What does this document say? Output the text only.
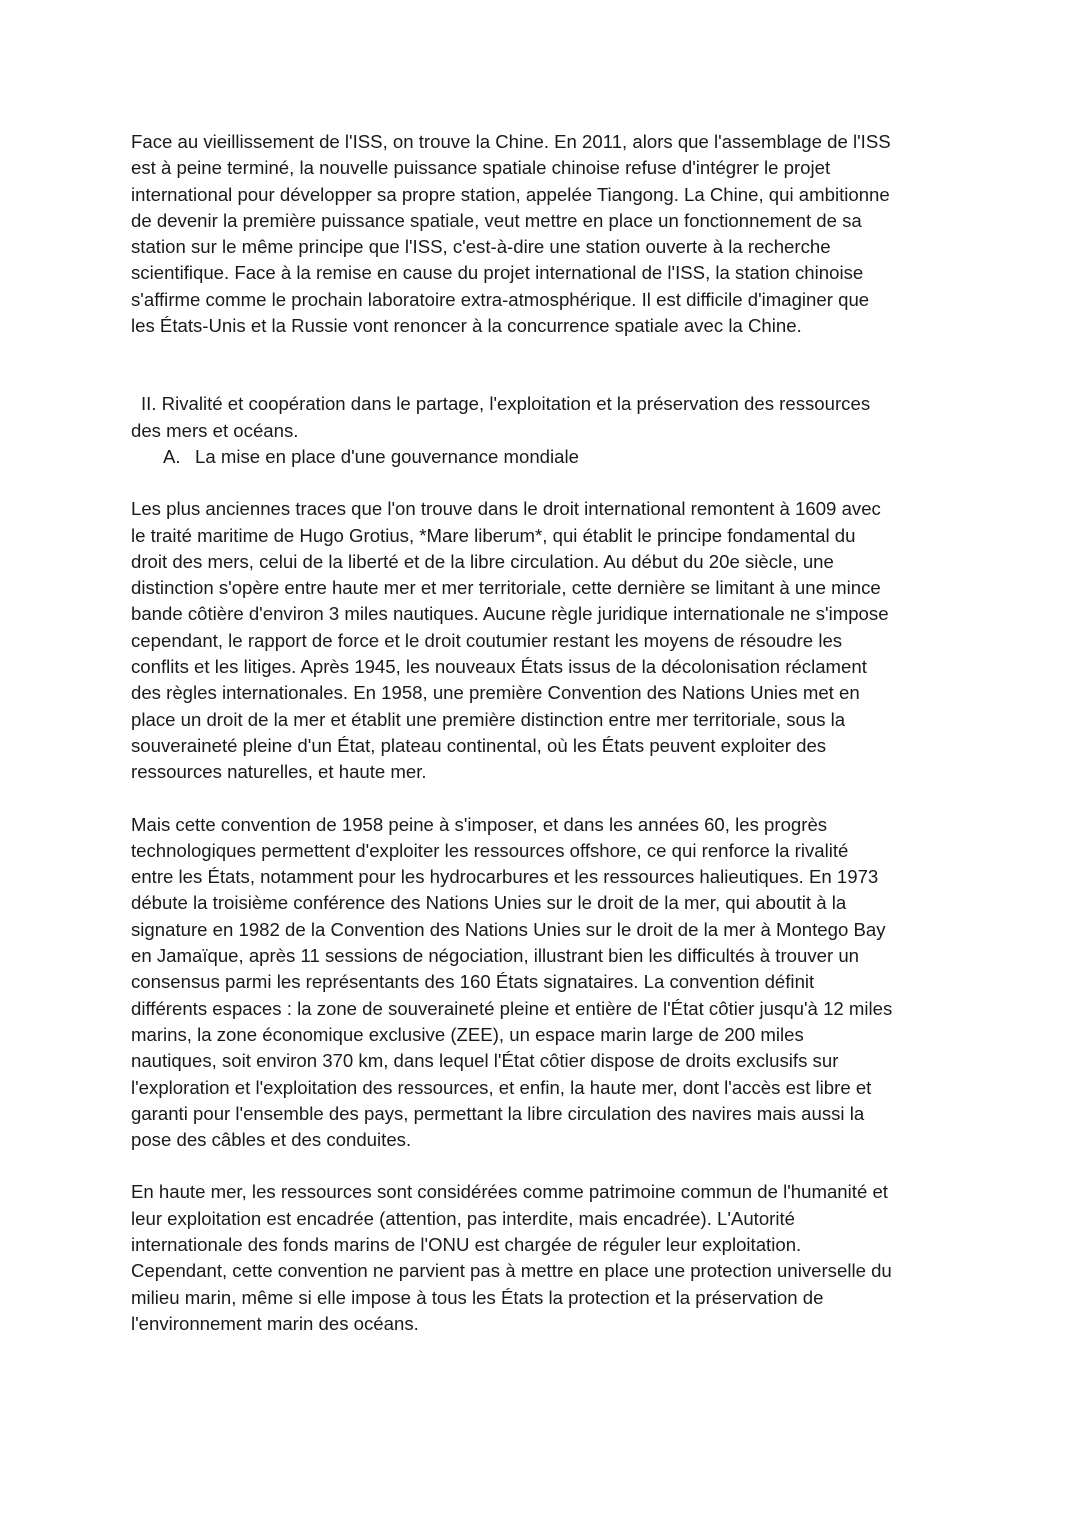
Face au vieillissement de l'ISS, on trouve la Chine. En 2011, alors que l'assemblage de l'ISS
est à peine terminé, la nouvelle puissance spatiale chinoise refuse d'intégrer le projet
international pour développer sa propre station, appelée Tiangong. La Chine, qui ambitionne
de devenir la première puissance spatiale, veut mettre en place un fonctionnement de sa
station sur le même principe que l'ISS, c'est-à-dire une station ouverte à la recherche
scientifique. Face à la remise en cause du projet international de l'ISS, la station chinoise
s'affirme comme le prochain laboratoire extra-atmosphérique. Il est difficile d'imaginer que
les États-Unis et la Russie vont renoncer à la concurrence spatiale avec la Chine.

II. Rivalité et coopération dans le partage, l'exploitation et la préservation des ressources
des mers et océans.

A. La mise en place d'une gouvernance mondiale

Les plus anciennes traces que l'on trouve dans le droit international remontent à 1609 avec
le traité maritime de Hugo Grotius, *Mare liberum*, qui établit le principe fondamental du
droit des mers, celui de la liberté et de la libre circulation. Au début du 20e siècle, une
distinction s'opère entre haute mer et mer territoriale, cette dernière se limitant à une mince
bande côtière d'environ 3 miles nautiques. Aucune règle juridique internationale ne s'impose
cependant, le rapport de force et le droit coutumier restant les moyens de résoudre les
conflits et les litiges. Après 1945, les nouveaux États issus de la décolonisation réclament
des règles internationales. En 1958, une première Convention des Nations Unies met en
place un droit de la mer et établit une première distinction entre mer territoriale, sous la
souveraineté pleine d'un État, plateau continental, où les États peuvent exploiter des
ressources naturelles, et haute mer.

Mais cette convention de 1958 peine à s'imposer, et dans les années 60, les progrès
technologiques permettent d'exploiter les ressources offshore, ce qui renforce la rivalité
entre les États, notamment pour les hydrocarbures et les ressources halieutiques. En 1973
débute la troisième conférence des Nations Unies sur le droit de la mer, qui aboutit à la
signature en 1982 de la Convention des Nations Unies sur le droit de la mer à Montego Bay
en Jamaïque, après 11 sessions de négociation, illustrant bien les difficultés à trouver un
consensus parmi les représentants des 160 États signataires. La convention définit
différents espaces : la zone de souveraineté pleine et entière de l'État côtier jusqu'à 12 miles
marins, la zone économique exclusive (ZEE), un espace marin large de 200 miles
nautiques, soit environ 370 km, dans lequel l'État côtier dispose de droits exclusifs sur
l'exploration et l'exploitation des ressources, et enfin, la haute mer, dont l'accès est libre et
garanti pour l'ensemble des pays, permettant la libre circulation des navires mais aussi la
pose des câbles et des conduites.

En haute mer, les ressources sont considérées comme patrimoine commun de l'humanité et
leur exploitation est encadrée (attention, pas interdite, mais encadrée). L'Autorité
internationale des fonds marins de l'ONU est chargée de réguler leur exploitation.
Cependant, cette convention ne parvient pas à mettre en place une protection universelle du
milieu marin, même si elle impose à tous les États la protection et la préservation de
l'environnement marin des océans.
